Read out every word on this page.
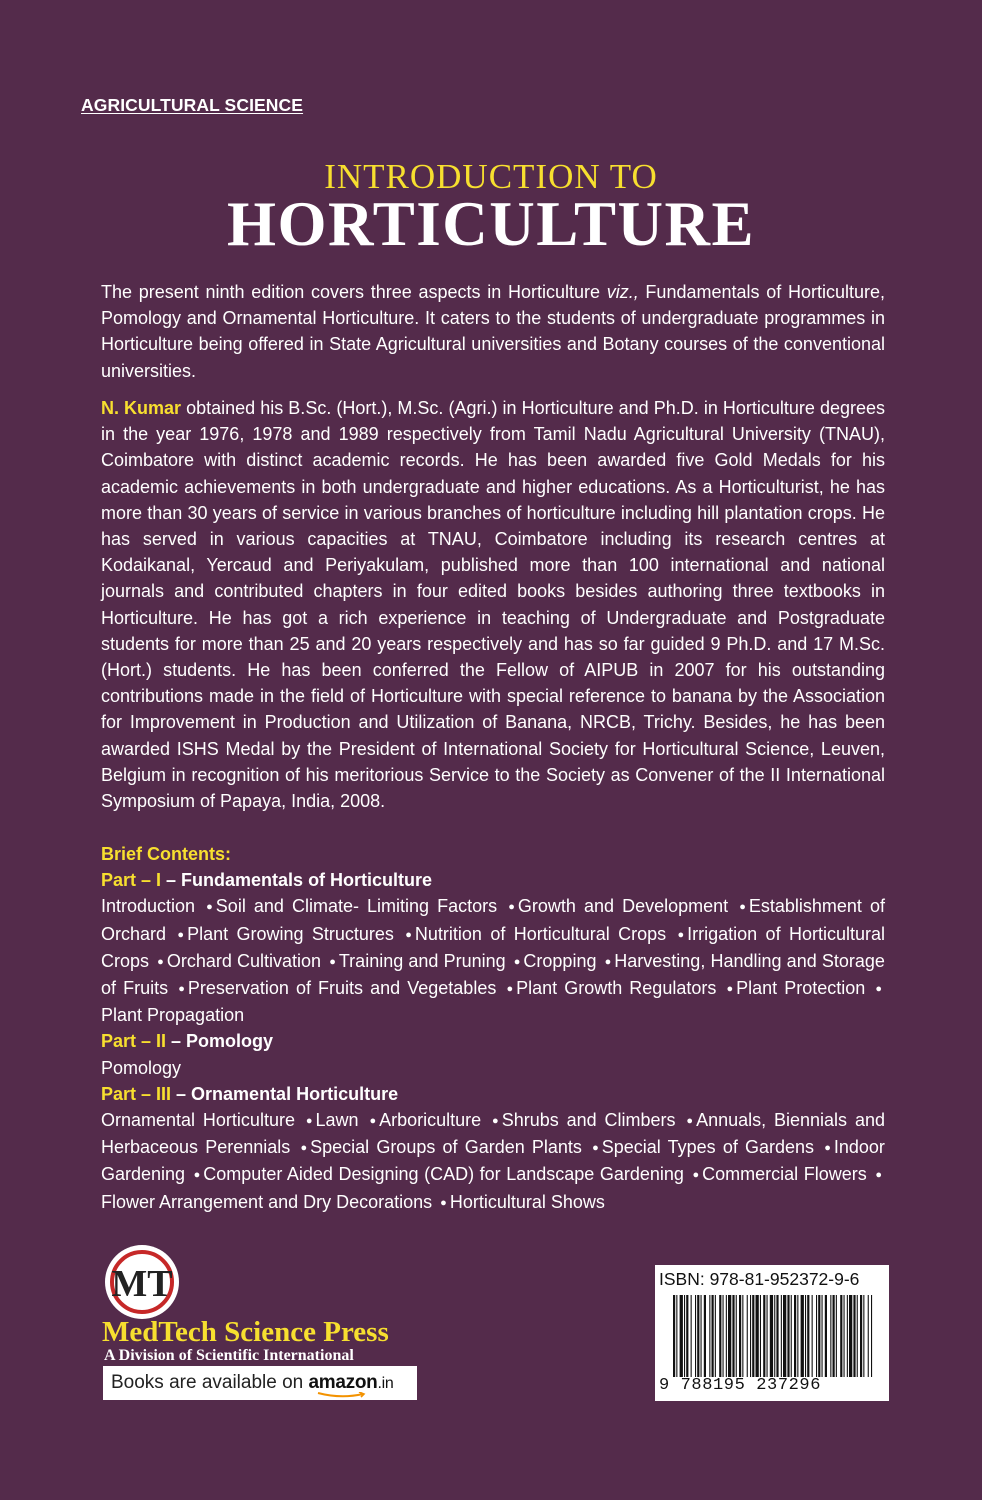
AGRICULTURAL SCIENCE
INTRODUCTION TO
HORTICULTURE
The present ninth edition covers three aspects in Horticulture viz., Fundamentals of Horticulture, Pomology and Ornamental Horticulture. It caters to the students of undergraduate programmes in Horticulture being offered in State Agricultural universities and Botany courses of the conventional universities.
N. Kumar obtained his B.Sc. (Hort.), M.Sc. (Agri.) in Horticulture and Ph.D. in Horticulture degrees in the year 1976, 1978 and 1989 respectively from Tamil Nadu Agricultural University (TNAU), Coimbatore with distinct academic records. He has been awarded five Gold Medals for his academic achievements in both undergraduate and higher educations. As a Horticulturist, he has more than 30 years of service in various branches of horticulture including hill plantation crops. He has served in various capacities at TNAU, Coimbatore including its research centres at Kodaikanal, Yercaud and Periyakulam, published more than 100 international and national journals and contributed chapters in four edited books besides authoring three textbooks in Horticulture. He has got a rich experience in teaching of Undergraduate and Postgraduate students for more than 25 and 20 years respectively and has so far guided 9 Ph.D. and 17 M.Sc. (Hort.) students. He has been conferred the Fellow of AIPUB in 2007 for his outstanding contributions made in the field of Horticulture with special reference to banana by the Association for Improvement in Production and Utilization of Banana, NRCB, Trichy. Besides, he has been awarded ISHS Medal by the President of International Society for Horticultural Science, Leuven, Belgium in recognition of his meritorious Service to the Society as Convener of the II International Symposium of Papaya, India, 2008.
Brief Contents:
Part – I – Fundamentals of Horticulture
Introduction ● Soil and Climate- Limiting Factors ● Growth and Development ● Establishment of Orchard ● Plant Growing Structures ● Nutrition of Horticultural Crops ● Irrigation of Horticultural Crops ● Orchard Cultivation ● Training and Pruning ● Cropping ● Harvesting, Handling and Storage of Fruits ● Preservation of Fruits and Vegetables ● Plant Growth Regulators ● Plant Protection ●Plant Propagation
Part – II – Pomology
Pomology
Part – III – Ornamental Horticulture
Ornamental Horticulture ● Lawn ● Arboriculture ● Shrubs and Climbers ● Annuals, Biennials and Herbaceous Perennials ● Special Groups of Garden Plants ● Special Types of Gardens ● Indoor Gardening ● Computer Aided Designing (CAD) for Landscape Gardening ● Commercial Flowers ●Flower Arrangement and Dry Decorations ● Horticultural Shows
MT
MedTech Science Press
A Division of Scientific International
Books are available on amazon.in
ISBN: 978-81-952372-9-6
9 788195 237296
